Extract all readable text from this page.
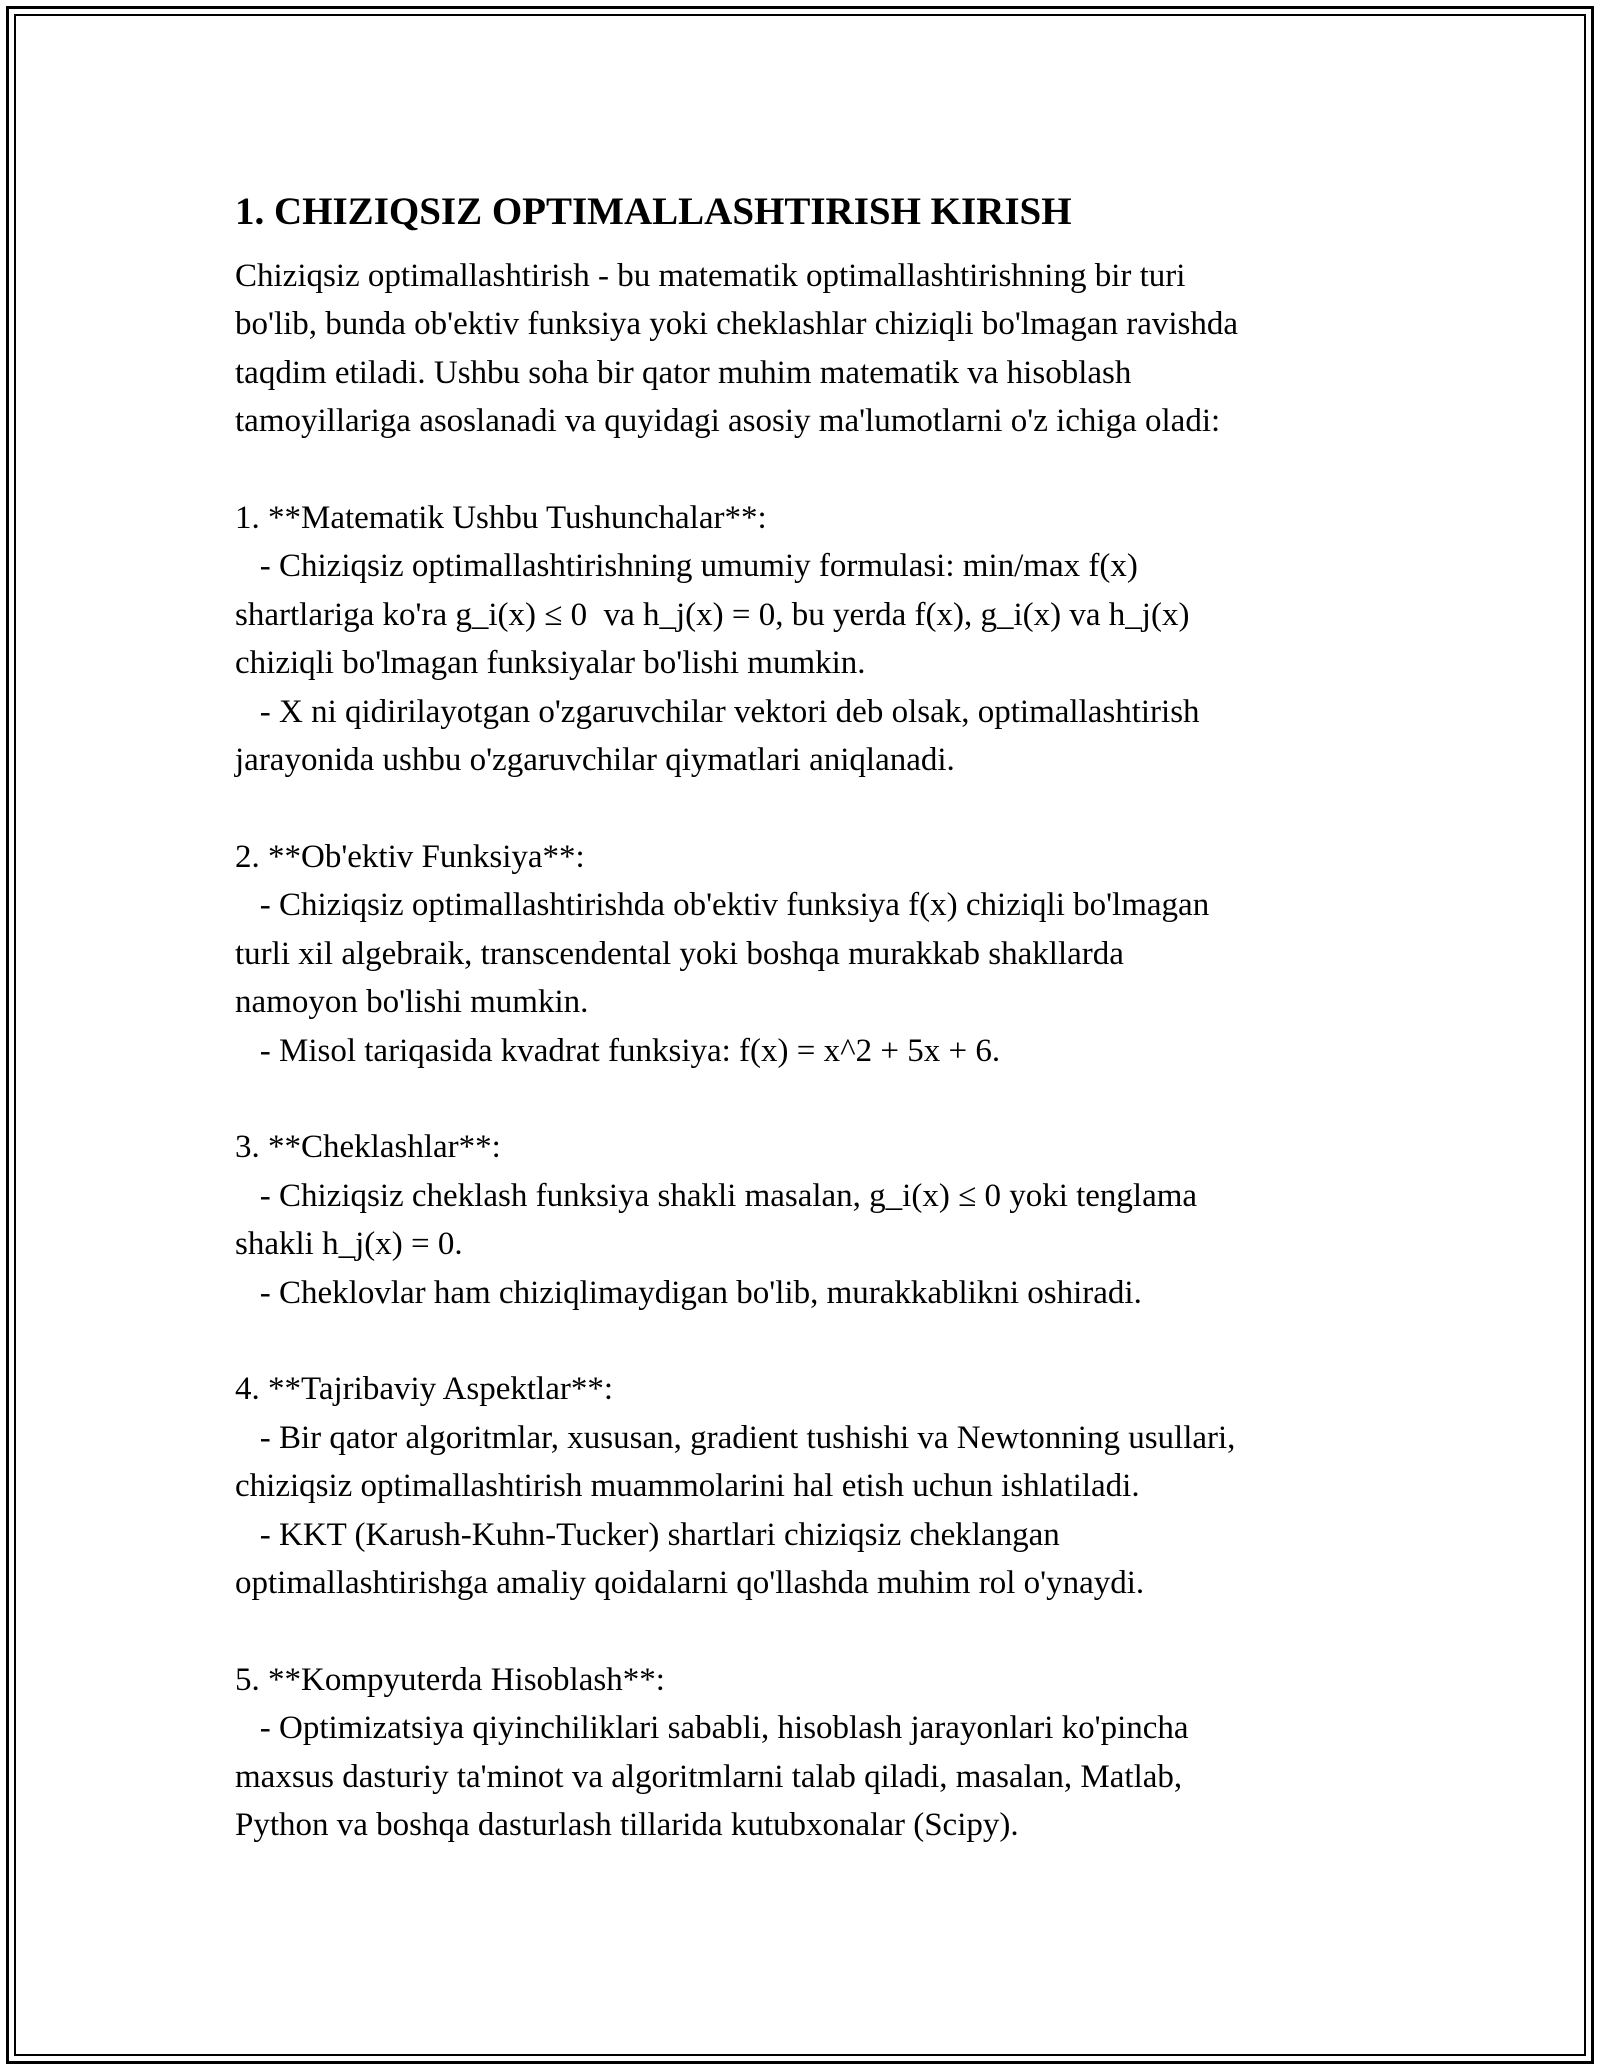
1. CHIZIQSIZ OPTIMALLASHTIRISH KIRISH
Chiziqsiz optimallashtirish - bu matematik optimallashtirishning bir turi
bo'lib, bunda ob'ektiv funksiya yoki cheklashlar chiziqli bo'lmagan ravishda
taqdim etiladi. Ushbu soha bir qator muhim matematik va hisoblash
tamoyillariga asoslanadi va quyidagi asosiy ma'lumotlarni o'z ichiga oladi:

1. **Matematik Ushbu Tushunchalar**:
- Chiziqsiz optimallashtirishning umumiy formulasi: min/max f(x)
shartlariga ko'ra g_i(x) ≤ 0  va h_j(x) = 0, bu yerda f(x), g_i(x) va h_j(x)
chiziqli bo'lmagan funksiyalar bo'lishi mumkin.
- X ni qidirilayotgan o'zgaruvchilar vektori deb olsak, optimallashtirish
jarayonida ushbu o'zgaruvchilar qiymatlari aniqlanadi.

2. **Ob'ektiv Funksiya**:
- Chiziqsiz optimallashtirishda ob'ektiv funksiya f(x) chiziqli bo'lmagan
turli xil algebraik, transcendental yoki boshqa murakkab shakllarda
namoyon bo'lishi mumkin.
- Misol tariqasida kvadrat funksiya: f(x) = x^2 + 5x + 6.

3. **Cheklashlar**:
- Chiziqsiz cheklash funksiya shakli masalan, g_i(x) ≤ 0 yoki tenglama
shakli h_j(x) = 0.
- Cheklovlar ham chiziqlimaydigan bo'lib, murakkablikni oshiradi.

4. **Tajribaviy Aspektlar**:
- Bir qator algoritmlar, xususan, gradient tushishi va Newtonning usullari,
chiziqsiz optimallashtirish muammolarini hal etish uchun ishlatiladi.
- KKT (Karush-Kuhn-Tucker) shartlari chiziqsiz cheklangan
optimallashtirishga amaliy qoidalarni qo'llashda muhim rol o'ynaydi.

5. **Kompyuterda Hisoblash**:
- Optimizatsiya qiyinchiliklari sababli, hisoblash jarayonlari ko'pincha
maxsus dasturiy ta'minot va algoritmlarni talab qiladi, masalan, Matlab,
Python va boshqa dasturlash tillarida kutubxonalar (Scipy).
